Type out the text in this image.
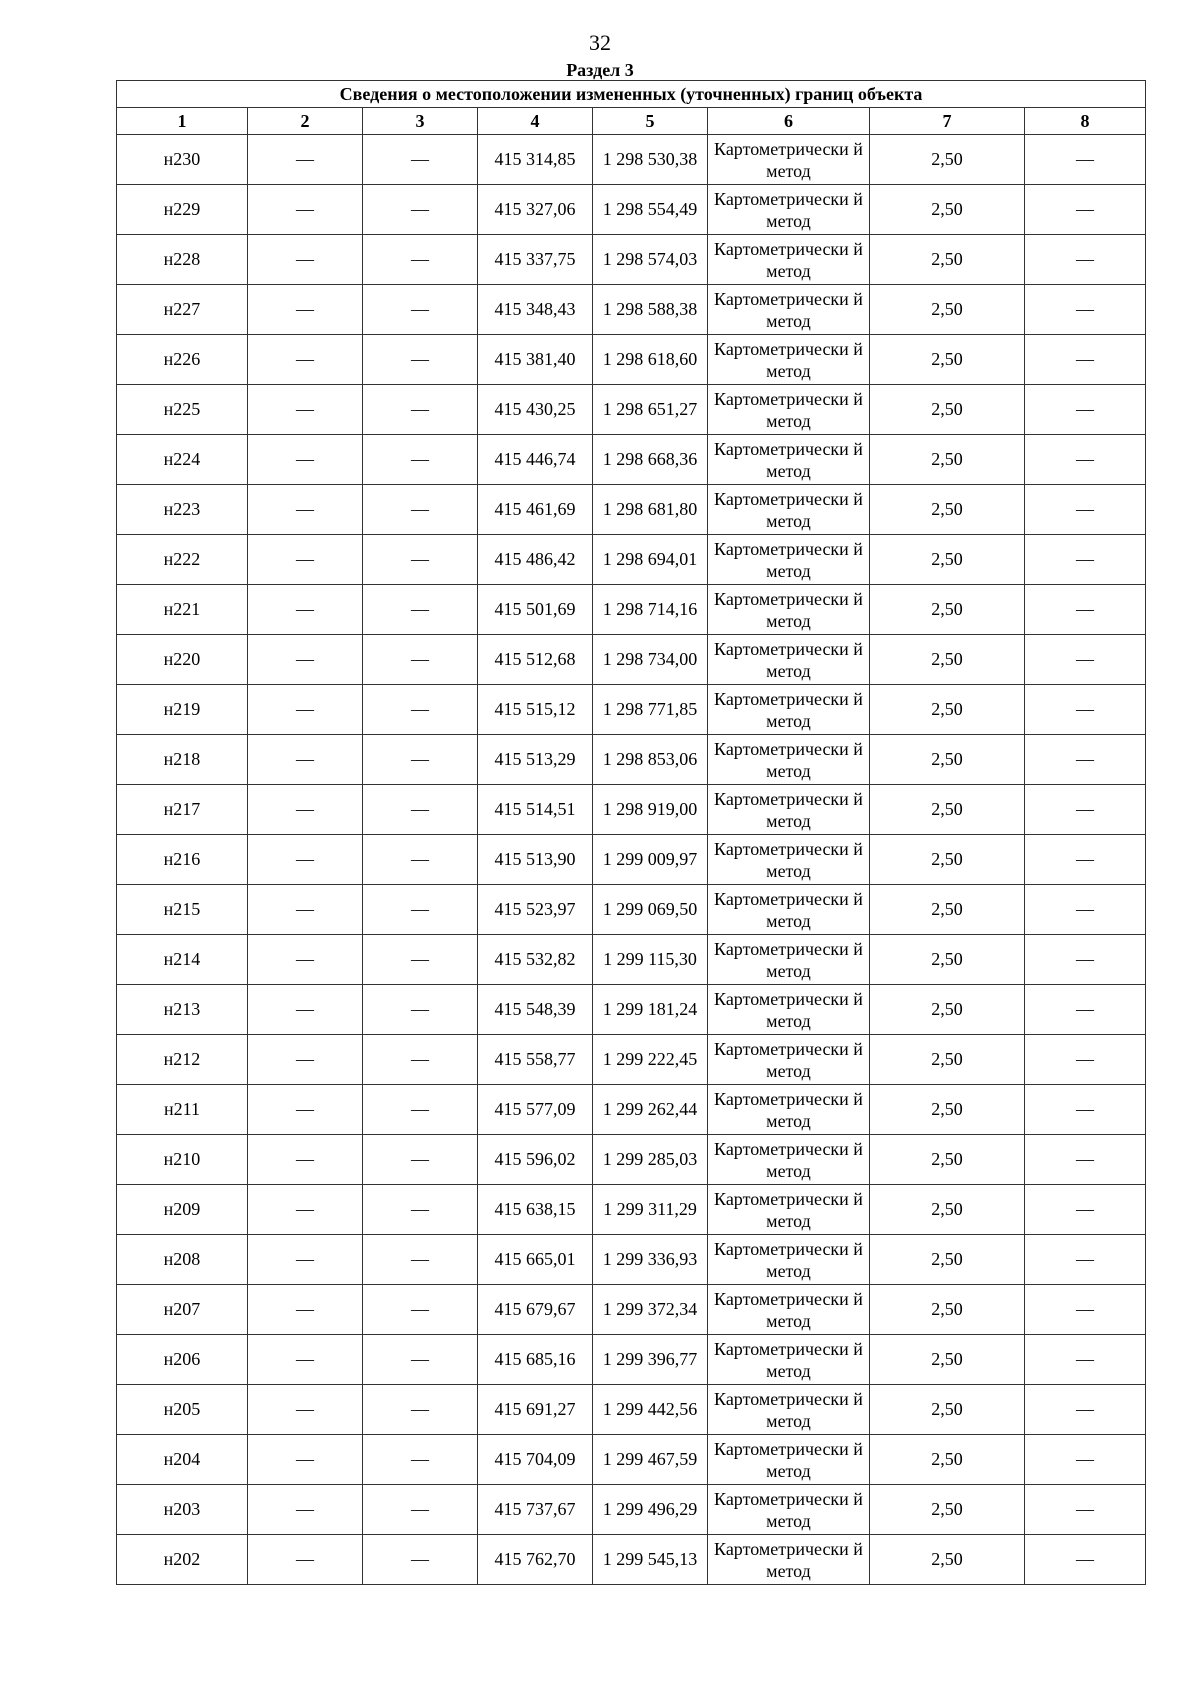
32
Раздел 3
Сведения о местоположении измененных (уточненных) границ объекта							
1	2	3	4	5	6	7	8
н230	—	—	415 314,85	1 298 530,38	Картометрически й метод	2,50	—
н229	—	—	415 327,06	1 298 554,49	Картометрически й метод	2,50	—
н228	—	—	415 337,75	1 298 574,03	Картометрически й метод	2,50	—
н227	—	—	415 348,43	1 298 588,38	Картометрически й метод	2,50	—
н226	—	—	415 381,40	1 298 618,60	Картометрически й метод	2,50	—
н225	—	—	415 430,25	1 298 651,27	Картометрически й метод	2,50	—
н224	—	—	415 446,74	1 298 668,36	Картометрически й метод	2,50	—
н223	—	—	415 461,69	1 298 681,80	Картометрически й метод	2,50	—
н222	—	—	415 486,42	1 298 694,01	Картометрически й метод	2,50	—
н221	—	—	415 501,69	1 298 714,16	Картометрически й метод	2,50	—
н220	—	—	415 512,68	1 298 734,00	Картометрически й метод	2,50	—
н219	—	—	415 515,12	1 298 771,85	Картометрически й метод	2,50	—
н218	—	—	415 513,29	1 298 853,06	Картометрически й метод	2,50	—
н217	—	—	415 514,51	1 298 919,00	Картометрически й метод	2,50	—
н216	—	—	415 513,90	1 299 009,97	Картометрически й метод	2,50	—
н215	—	—	415 523,97	1 299 069,50	Картометрически й метод	2,50	—
н214	—	—	415 532,82	1 299 115,30	Картометрически й метод	2,50	—
н213	—	—	415 548,39	1 299 181,24	Картометрически й метод	2,50	—
н212	—	—	415 558,77	1 299 222,45	Картометрически й метод	2,50	—
н211	—	—	415 577,09	1 299 262,44	Картометрически й метод	2,50	—
н210	—	—	415 596,02	1 299 285,03	Картометрически й метод	2,50	—
н209	—	—	415 638,15	1 299 311,29	Картометрически й метод	2,50	—
н208	—	—	415 665,01	1 299 336,93	Картометрически й метод	2,50	—
н207	—	—	415 679,67	1 299 372,34	Картометрически й метод	2,50	—
н206	—	—	415 685,16	1 299 396,77	Картометрически й метод	2,50	—
н205	—	—	415 691,27	1 299 442,56	Картометрически й метод	2,50	—
н204	—	—	415 704,09	1 299 467,59	Картометрически й метод	2,50	—
н203	—	—	415 737,67	1 299 496,29	Картометрически й метод	2,50	—
н202	—	—	415 762,70	1 299 545,13	Картометрически й метод	2,50	—
